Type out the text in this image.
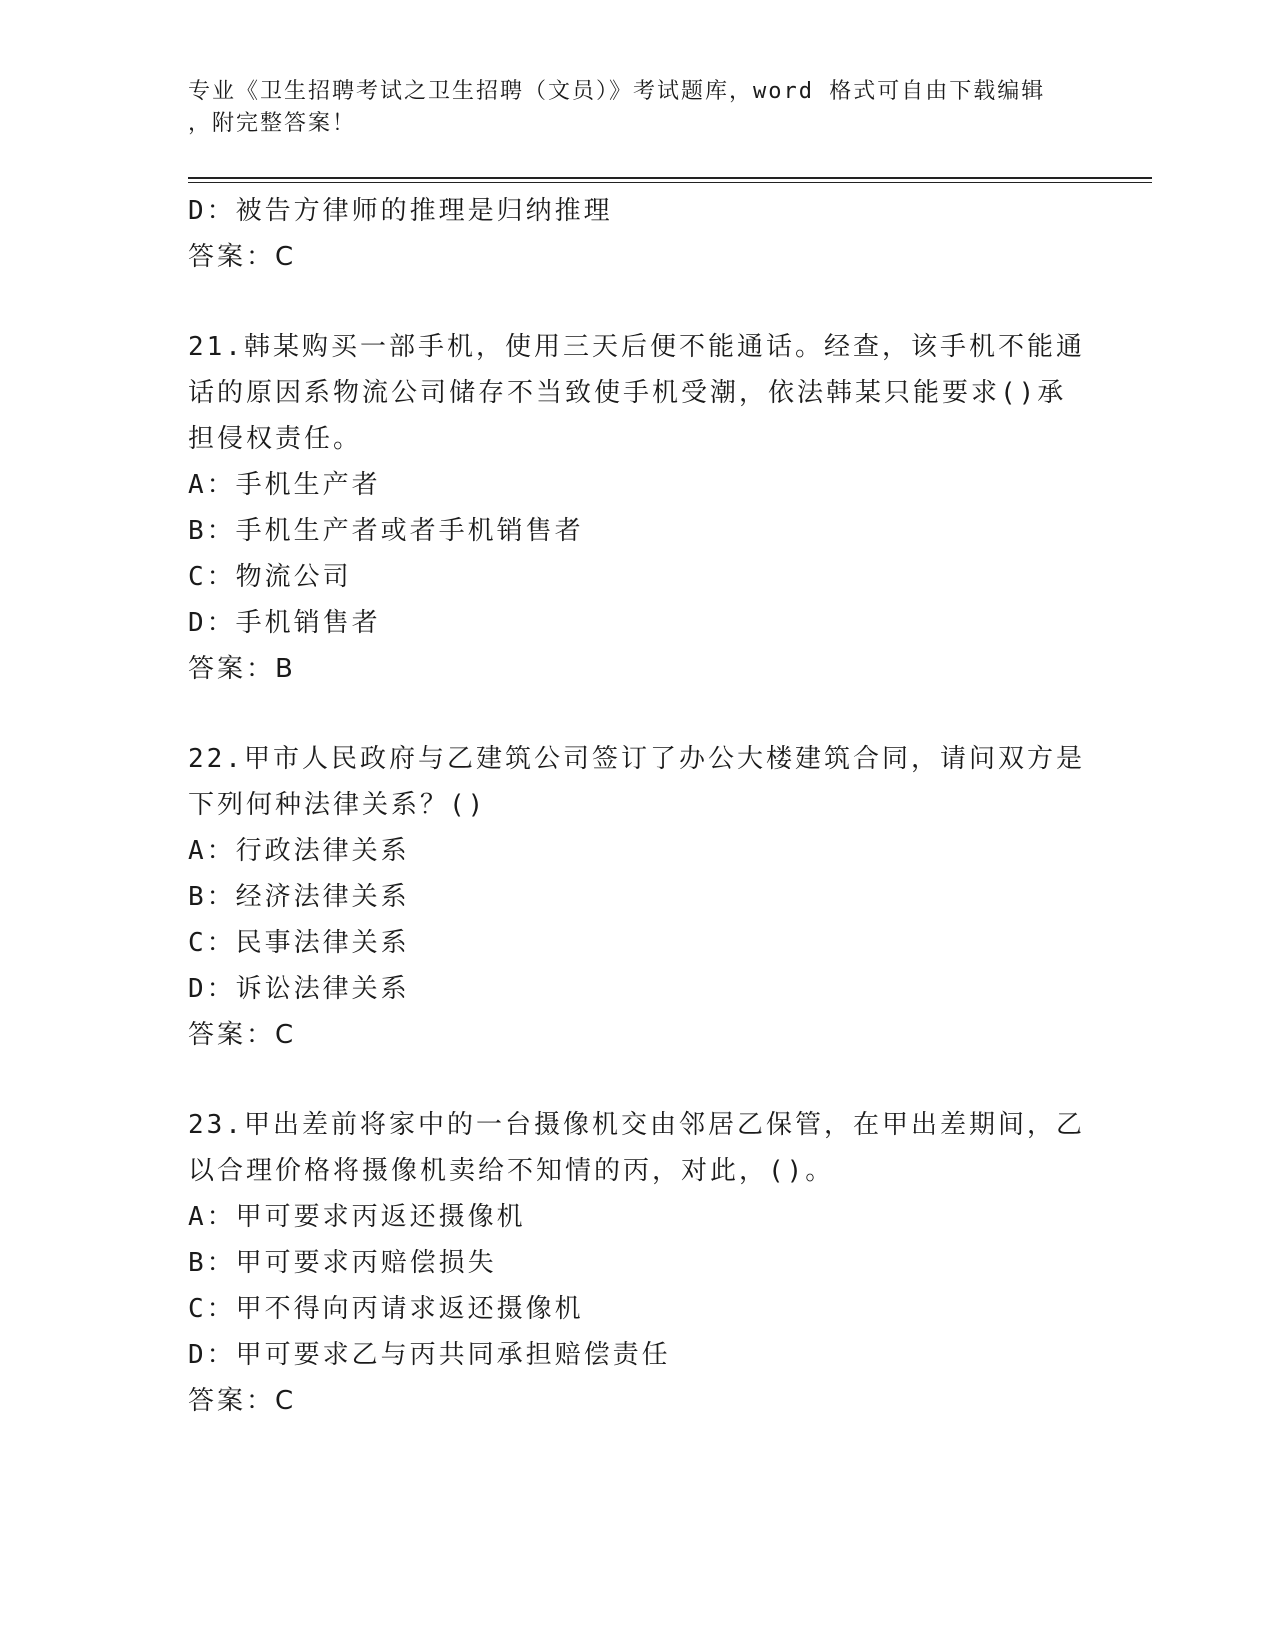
专业《卫生招聘考试之卫生招聘（文员）》考试题库，word 格式可自由下载编辑
，附完整答案！
D：被告方律师的推理是归纳推理
答案：C
21.韩某购买一部手机，使用三天后便不能通话。经查，该手机不能通
话的原因系物流公司储存不当致使手机受潮，依法韩某只能要求()承
担侵权责任。
A：手机生产者
B：手机生产者或者手机销售者
C：物流公司
D：手机销售者
答案：B
22.甲市人民政府与乙建筑公司签订了办公大楼建筑合同，请问双方是
下列何种法律关系？()
A：行政法律关系
B：经济法律关系
C：民事法律关系
D：诉讼法律关系
答案：C
23.甲出差前将家中的一台摄像机交由邻居乙保管，在甲出差期间，乙
以合理价格将摄像机卖给不知情的丙，对此，()。
A：甲可要求丙返还摄像机
B：甲可要求丙赔偿损失
C：甲不得向丙请求返还摄像机
D：甲可要求乙与丙共同承担赔偿责任
答案：C
